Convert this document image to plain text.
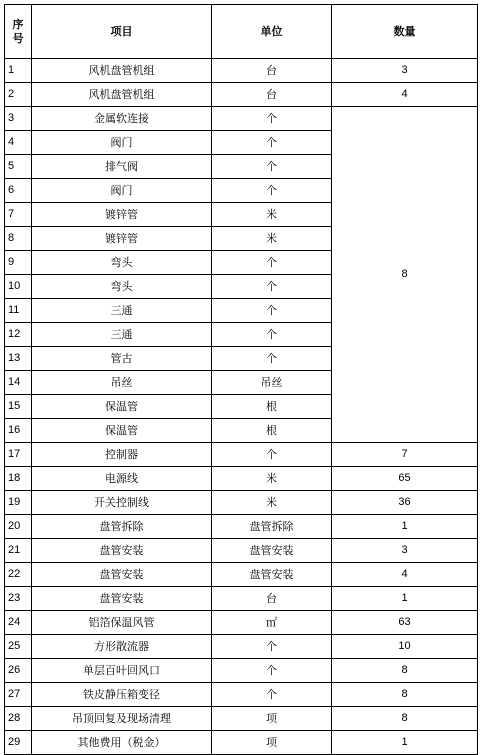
序号	项目	单位	数量
1	风机盘管机组	台	3
2	风机盘管机组	台	4
3	金属软连接	个	8
4	阀门	个	
5	排气阀	个	
6	阀门	个	
7	镀锌管	米	
8	镀锌管	米	
9	弯头	个	
10	弯头	个	
11	三通	个	
12	三通	个	
13	管古	个	
14	吊丝	吊丝	
15	保温管	根	
16	保温管	根	
17	控制器	个	7
18	电源线	米	65
19	开关控制线	米	36
20	盘管拆除	盘管拆除	1
21	盘管安装	盘管安装	3
22	盘管安装	盘管安装	4
23	盘管安装	台	1
24	铝箔保温风管	㎡	63
25	方形散流器	个	10
26	单层百叶回风口	个	8
27	铁皮静压箱变径	个	8
28	吊顶回复及现场清理	项	8
29	其他费用（税金）	项	1
